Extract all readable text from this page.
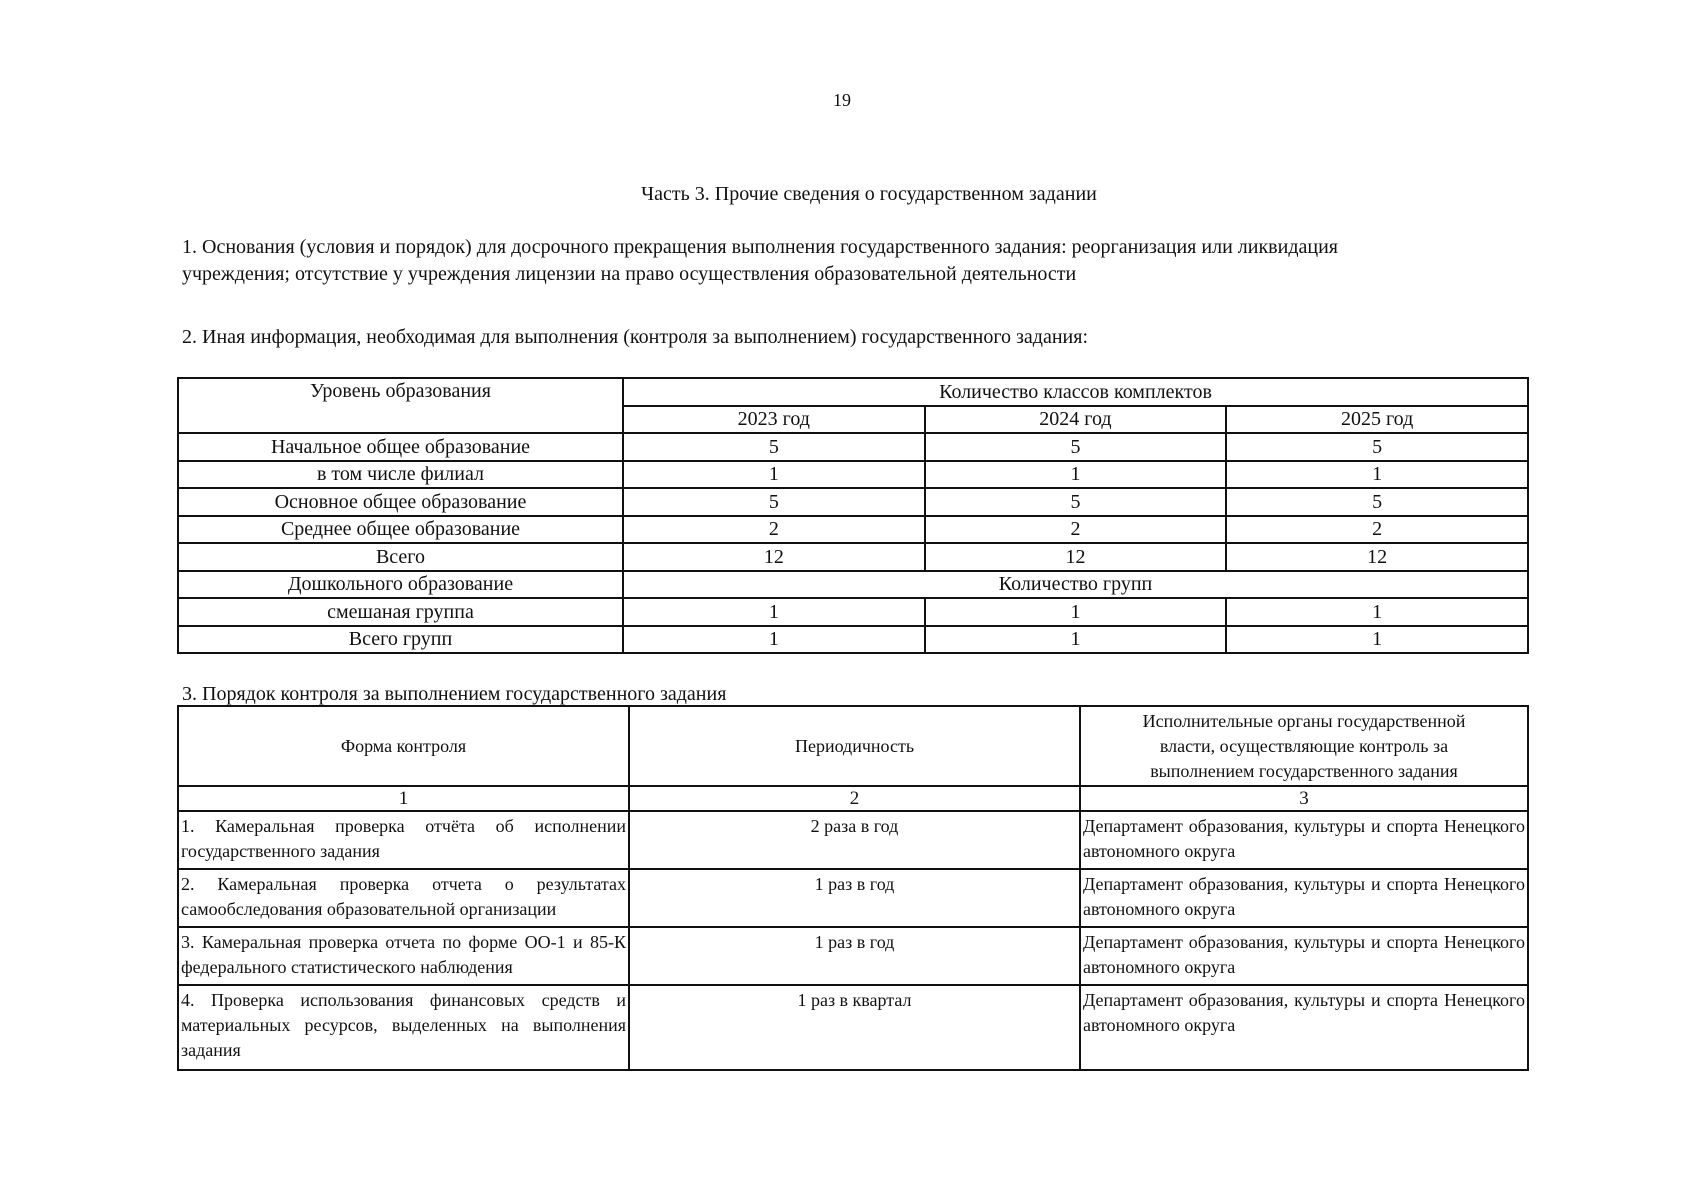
19
Часть 3. Прочие сведения о государственном задании
1. Основания (условия и порядок) для досрочного прекращения выполнения государственного задания: реорганизация или ликвидация
учреждения; отсутствие у учреждения лицензии на право осуществления образовательной деятельности
2. Иная информация, необходимая для выполнения (контроля за выполнением) государственного задания:
Уровень образования	Количество классов комплектов		
	2023 год	2024 год	2025 год
Начальное общее образование	5	5	5
в том числе филиал	1	1	1
Основное общее образование	5	5	5
Среднее общее образование	2	2	2
Всего	12	12	12
Дошкольного образование	Количество групп		
смешаная группа	1	1	1
Всего групп	1	1	1
3. Порядок контроля за выполнением государственного задания
Форма контроля	Периодичность	Исполнительные органы государственной
власти, осуществляющие контроль за
выполнением государственного задания

1	2	3
1. Камеральная проверка отчёта об исполнении государственного задания	2 раза в год	Департамент образования, культуры и спорта Ненецкого автономного округа
2. Камеральная проверка отчета о результатах самообследования образовательной организации	1 раз в год	Департамент образования, культуры и спорта Ненецкого автономного округа
3. Камеральная проверка отчета по форме ОО-1 и 85-К федерального статистического наблюдения	1 раз в год	Департамент образования, культуры и спорта Ненецкого автономного округа
4. Проверка использования финансовых средств и материальных ресурсов, выделенных на выполнения задания	1 раз в квартал	Департамент образования, культуры и спорта Ненецкого автономного округа
